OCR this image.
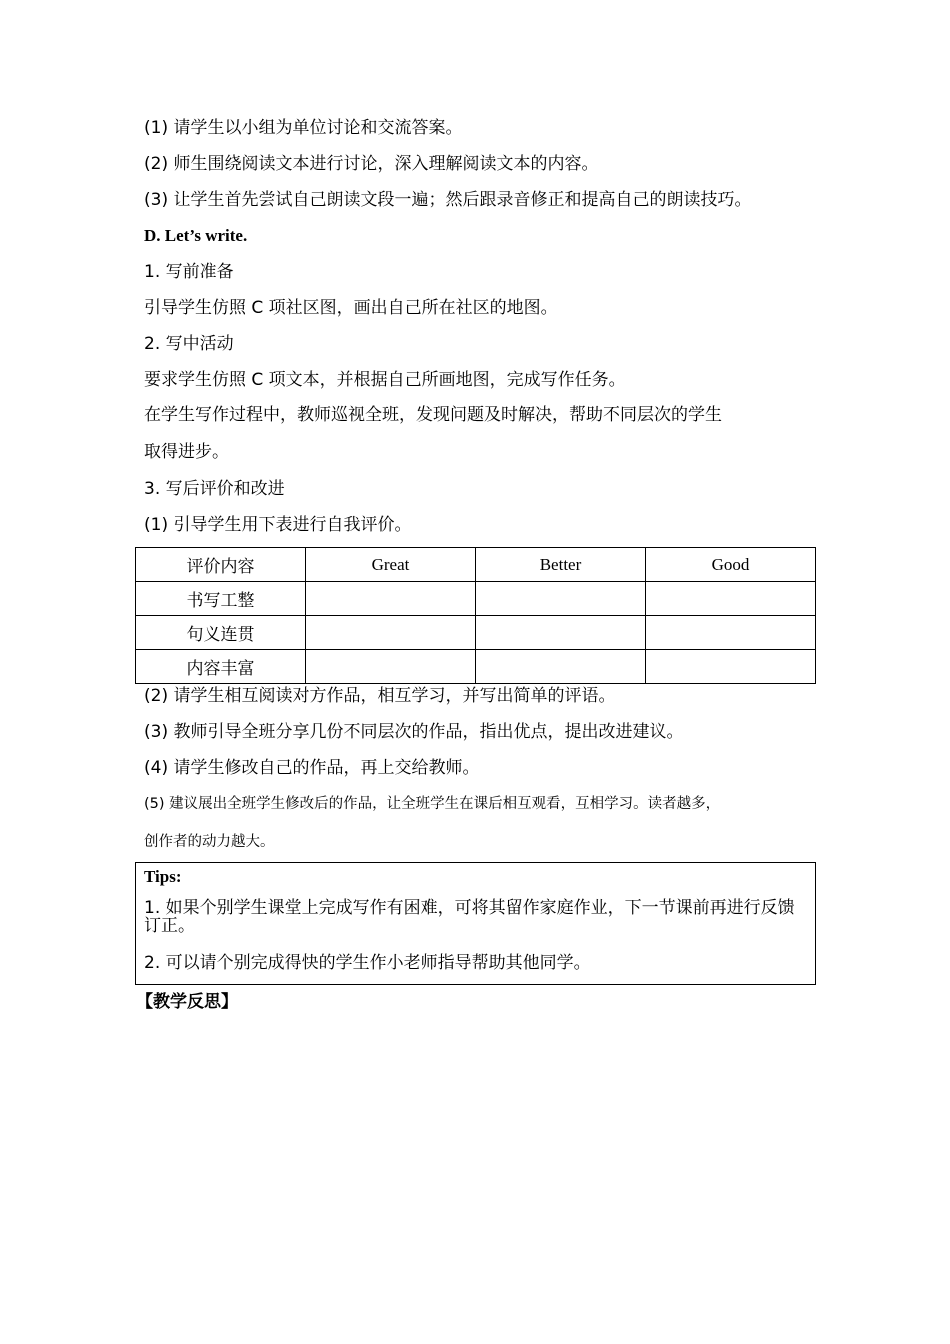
(1) 请学生以小组为单位讨论和交流答案。
(2) 师生围绕阅读文本进行讨论，深入理解阅读文本的内容。
(3) 让学生首先尝试自己朗读文段一遍；然后跟录音修正和提高自己的朗读技巧。
D. Let’s write.
1. 写前准备
引导学生仿照 C 项社区图，画出自己所在社区的地图。
2. 写中活动
要求学生仿照 C 项文本，并根据自己所画地图，完成写作任务。
在学生写作过程中，教师巡视全班，发现问题及时解决，帮助不同层次的学生
取得进步。
3. 写后评价和改进
(1) 引导学生用下表进行自我评价。
评价内容	Great	Better	Good
书写工整			
句义连贯			
内容丰富			
(2) 请学生相互阅读对方作品，相互学习，并写出简单的评语。
(3) 教师引导全班分享几份不同层次的作品，指出优点，提出改进建议。
(4) 请学生修改自己的作品，再上交给教师。
(5) 建议展出全班学生修改后的作品，让全班学生在课后相互观看，互相学习。读者越多，
创作者的动力越大。
Tips:
1. 如果个别学生课堂上完成写作有困难，可将其留作家庭作业，下一节课前再进行反馈订正。
2. 可以请个别完成得快的学生作小老师指导帮助其他同学。
【教学反思】
